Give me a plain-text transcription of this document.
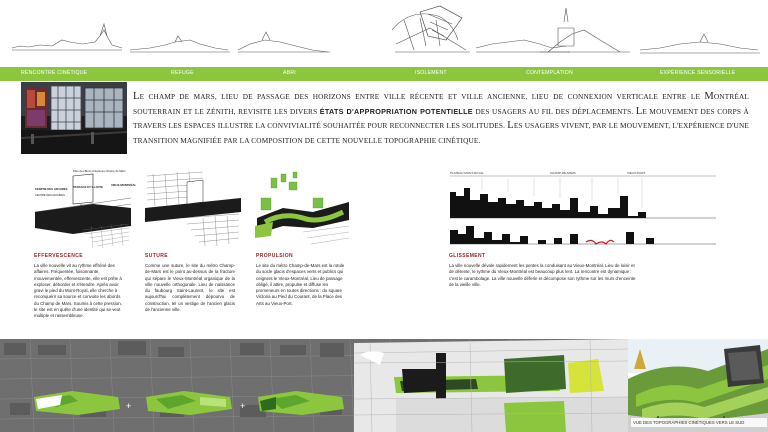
RENCONTRE CINÉTIQUE	REFUGE	ABRI	ISOLEMENT	CONTEMPLATION	EXPÉRIENCE SENSORIELLE
LE CHAMP DE MARS, LIEU DE PASSAGE DES HORIZONS ENTRE VILLE RÉCENTE ET VILLE ANCIENNE, LIEU DE CONNEXION VERTICALE ENTRE LE MONTRÉAL SOUTERRAIN ET LE ZÉNITH, REVISITE LES DIVERS ÉTATS D'APPROPRIATION POTENTIELLE DES USAGERS AU FIL DES DÉPLACEMENTS. LE MOUVEMENT DES CORPS À TRAVERS LES ESPACES ILLUSTRE LA CONVIVIALITÉ SOUHAITÉE POUR RECONNECTER LES SOLITUDES. LES USAGERS VIVENT, PAR LE MOUVEMENT, L'EXPÉRIENCE D'UNE TRANSITION MAGNIFIÉE PAR LA COMPOSITION DE CETTE NOUVELLE TOPOGRAPHIE CINÉTIQUE.
Plan des Blocs Antérieurs Champ de Mars
CENTRE DES AFFAIRES PASSAGE ET ILLICITE	VIEUX-MONTRÉAL
CENTRE DES AFFAIRES
PLATEAU MONT-ROYAL	CHAMP-DE-MARS	VIEUX-PORT
EFFERVESCENCE
La ville nouvelle vit au rythme effréné des affaires. Fréquentée, foisonnante, mouvementée, effervescente, elle est prête à exploser, déborder et s'étendre. Après avoir gravi le pied du Mont-Royal, elle cherche à reconquérir sa source et convoite les abords du Champ de Mars. Soumis à cette pression, le site est en quête d'une identité qui se veut multiple et rassembleuse.
SUTURE
Comme une suture, le site du métro Champ-de-Mars est le point au-dessus de la fracture qui sépare le Vieux-Montréal organique de la ville nouvelle orthogonale. Lieu de naissance du faubourg Saint-Laurent, le site est aujourd'hui complètement dépourvu de construction, tel un vestige de l'ancien glacis de l'ancienne ville.
PROPULSION
Le site du métro Champ-de-Mars est la rotule du socle glacis d'espaces verts et publics qui ceignent le Vieux-Montréal. Lieu de passage obligé, il attire, propulse et diffuse les promeneurs en toutes directions : du square Victoria au Pied du Courant, de la Place des Arts au Vieux-Port.
GLISSEMENT
La ville nouvelle dévale rapidement les pentes la conduisant au Vieux-Montréal. Lieu de loisir et de détente, le rythme du Vieux-Montréal est beaucoup plus lent. La rencontre est dynamique : c'est le carambolage. La ville nouvelle déferle et décompose son rythme sur les murs d'enceinte de la vieille ville.
+	+
VUE DES TOPOGRAPHIES CINÉTIQUES VERS LE SUD
